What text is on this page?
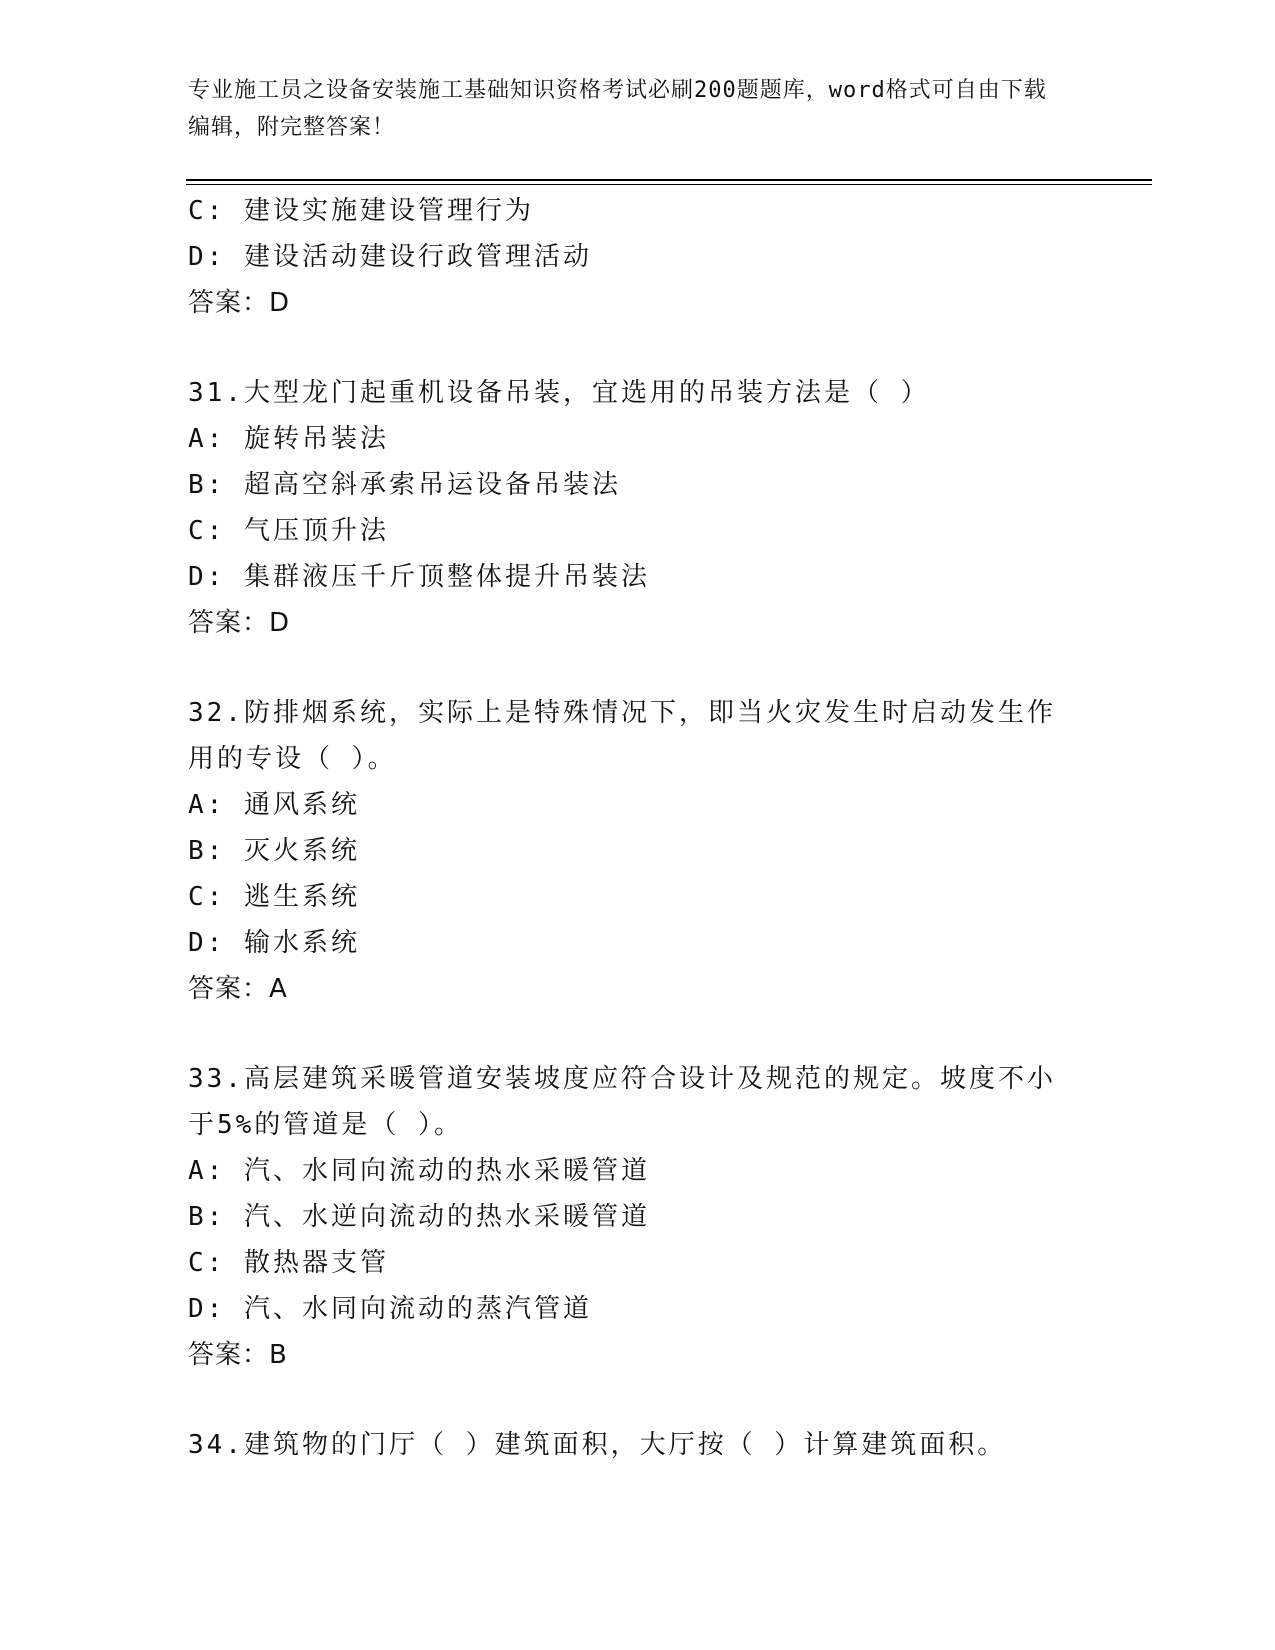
专业施工员之设备安装施工基础知识资格考试必刷200题题库，word格式可自由下载编辑，附完整答案！
C: 建设实施建设管理行为
D: 建设活动建设行政管理活动
答案：D
31.大型龙门起重机设备吊装，宜选用的吊装方法是（ ）
A: 旋转吊装法
B: 超高空斜承索吊运设备吊装法
C: 气压顶升法
D: 集群液压千斤顶整体提升吊装法
答案：D
32.防排烟系统，实际上是特殊情况下，即当火灾发生时启动发生作用的专设（ ）。
A: 通风系统
B: 灭火系统
C: 逃生系统
D: 输水系统
答案：A
33.高层建筑采暖管道安装坡度应符合设计及规范的规定。坡度不小于5%的管道是（ ）。
A: 汽、水同向流动的热水采暖管道
B: 汽、水逆向流动的热水采暖管道
C: 散热器支管
D: 汽、水同向流动的蒸汽管道
答案：B
34.建筑物的门厅（ ）建筑面积，大厅按（ ）计算建筑面积。
